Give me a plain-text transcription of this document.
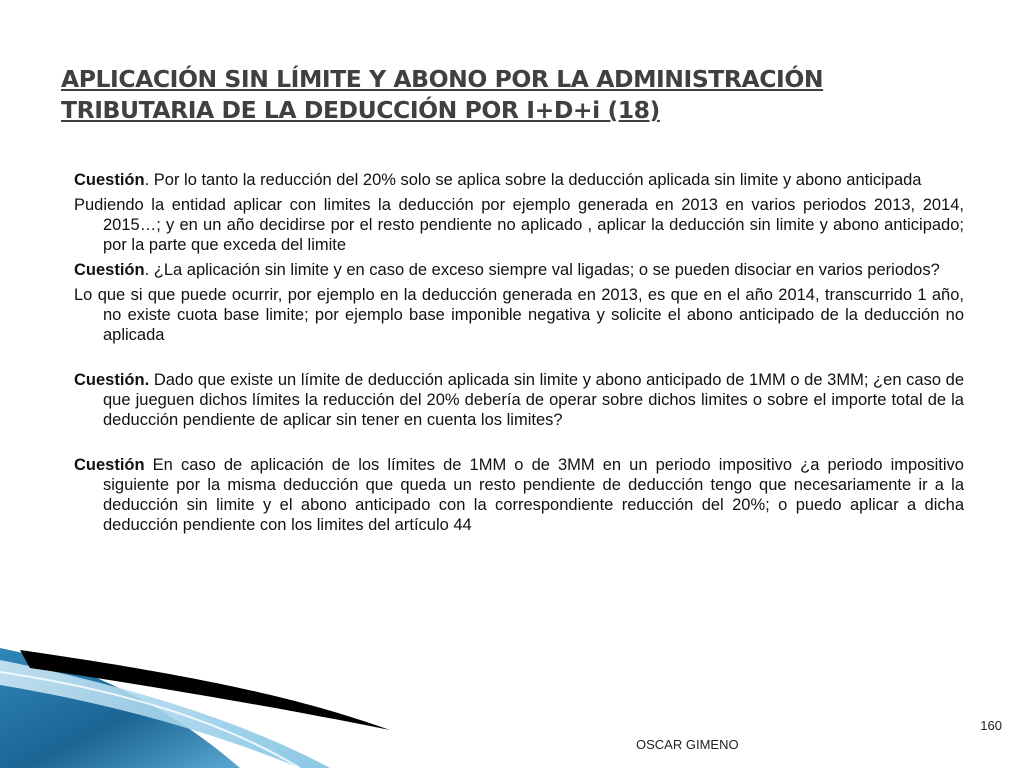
APLICACIÓN SIN LÍMITE Y ABONO POR LA ADMINISTRACIÓN TRIBUTARIA DE LA DEDUCCIÓN POR I+D+i (18)

Cuestión. Por lo tanto la reducción del 20% solo se aplica sobre la deducción aplicada sin limite y abono anticipada

Pudiendo la entidad aplicar con limites la deducción por ejemplo generada en 2013 en varios periodos 2013, 2014, 2015…; y en un año decidirse por el resto pendiente no aplicado , aplicar la deducción sin limite y abono anticipado; por la parte que exceda del limite

Cuestión. ¿La aplicación sin limite y en caso de exceso siempre val ligadas; o se pueden disociar en varios periodos?

Lo que si que puede ocurrir, por ejemplo en la deducción generada en 2013, es que en el año 2014, transcurrido 1 año, no existe cuota base limite; por ejemplo base imponible negativa y solicite el abono anticipado de la deducción no aplicada

Cuestión. Dado que existe un límite de deducción aplicada sin limite y abono anticipado de 1MM o de 3MM; ¿en caso de que jueguen dichos límites la reducción del 20% debería de operar sobre dichos limites o sobre el importe total de la deducción pendiente de aplicar sin tener en cuenta los limites?

Cuestión En caso de aplicación de los límites de 1MM o de 3MM en un periodo impositivo ¿a periodo impositivo siguiente por la misma deducción que queda un resto pendiente de deducción tengo que necesariamente ir a la deducción sin limite y el abono anticipado con la correspondiente reducción del 20%; o puedo aplicar a dicha deducción pendiente con los limites del artículo 44

OSCAR GIMENO
160
